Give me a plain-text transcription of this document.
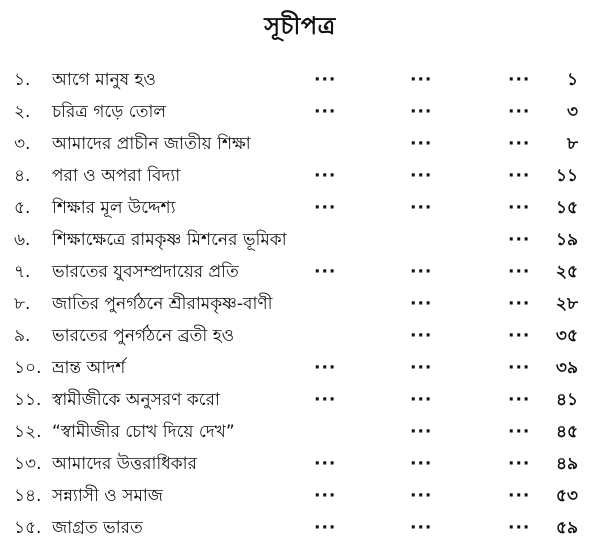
সূচীপত্র
১.	আগে মানুষ হও	···	···	··· ১
২.	চরিত্র গড়ে তোল	···	···	··· ৩
৩.	আমাদের প্রাচীন জাতীয় শিক্ষা	···	··· ৮
৪.	পরা ও অপরা বিদ্যা	···	···	··· ১১
৫.	শিক্ষার মূল উদ্দেশ্য	···	···	··· ১৫
৬.	শিক্ষাক্ষেত্রে রামকৃষ্ণ মিশনের ভূমিকা	··· ১৯
৭.	ভারতের যুবসম্প্রদায়ের প্রতি	···	···	··· ২৫
৮.	জাতির পুনর্গঠনে শ্রীরামকৃষ্ণ-বাণী	···	··· ২৮
৯.	ভারতের পুনর্গঠনে ব্রতী হও	···	··· ৩৫
১০. ভ্রান্ত আদর্শ	···	···	··· ৩৯
১১. স্বামীজীকে অনুসরণ করো	···	···	··· ৪১
১২. “স্বামীজীর চোখ দিয়ে দেখ”	···	··· ৪৫
১৩. আমাদের উত্তরাধিকার	···	···	··· ৪৯
১৪. সন্ন্যাসী ও সমাজ	···	···	··· ৫৩
১৫. জাগ্রত ভারত	···	···	··· ৫৯
